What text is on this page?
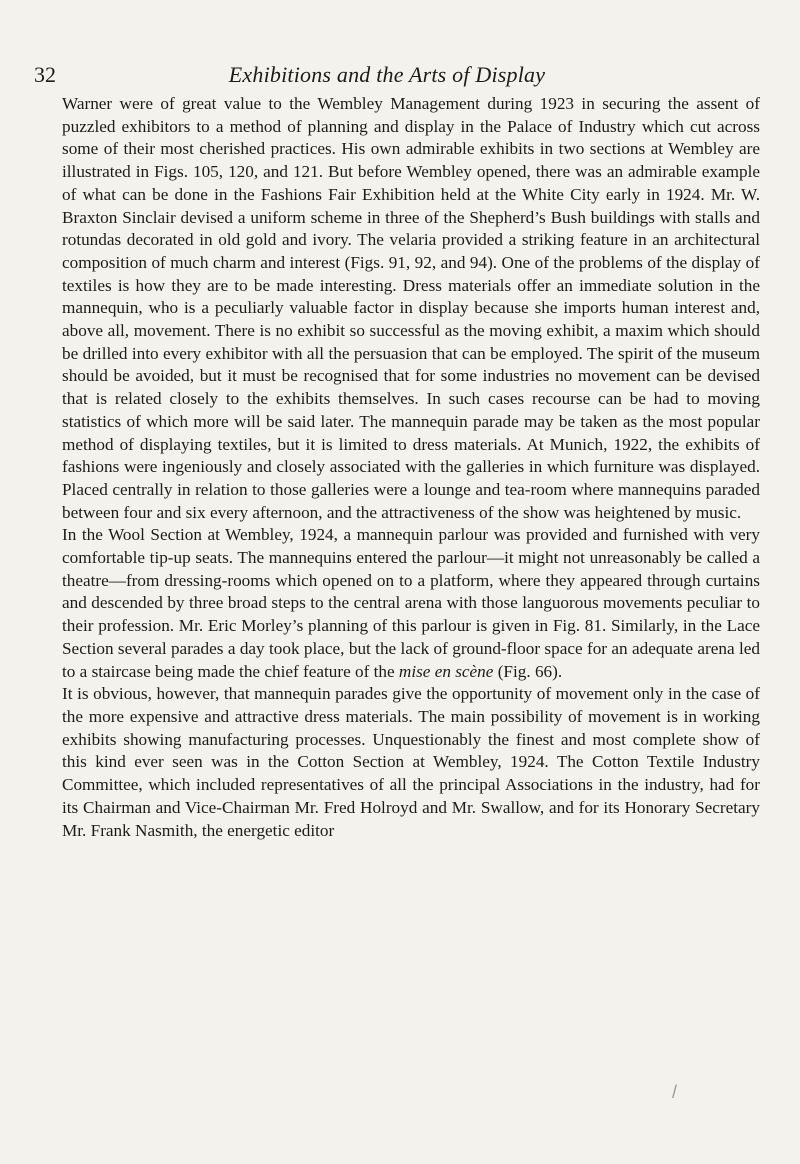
32	Exhibitions and the Arts of Display

Warner were of great value to the Wembley Management during 1923 in securing the assent of puzzled exhibitors to a method of planning and display in the Palace of Industry which cut across some of their most cherished practices. His own admirable exhibits in two sections at Wembley are illustrated in Figs. 105, 120, and 121. But before Wembley opened, there was an admirable example of what can be done in the Fashions Fair Exhibition held at the White City early in 1924. Mr. W. Braxton Sinclair devised a uniform scheme in three of the Shepherd’s Bush buildings with stalls and rotundas decorated in old gold and ivory. The velaria provided a striking feature in an architectural composition of much charm and interest (Figs. 91, 92, and 94). One of the problems of the display of textiles is how they are to be made interesting. Dress materials offer an immediate solution in the mannequin, who is a peculiarly valuable factor in display because she imports human interest and, above all, movement. There is no exhibit so successful as the moving exhibit, a maxim which should be drilled into every exhibitor with all the persuasion that can be employed. The spirit of the museum should be avoided, but it must be recognised that for some industries no movement can be devised that is related closely to the exhibits themselves. In such cases recourse can be had to moving statistics of which more will be said later. The mannequin parade may be taken as the most popular method of displaying textiles, but it is limited to dress materials. At Munich, 1922, the exhibits of fashions were ingeniously and closely associated with the galleries in which furniture was displayed. Placed centrally in relation to those galleries were a lounge and tea-room where mannequins paraded between four and six every afternoon, and the attractiveness of the show was heightened by music.

In the Wool Section at Wembley, 1924, a mannequin parlour was provided and furnished with very comfortable tip-up seats. The mannequins entered the parlour—it might not unreasonably be called a theatre—from dressing-rooms which opened on to a platform, where they appeared through curtains and descended by three broad steps to the central arena with those languorous movements peculiar to their profession. Mr. Eric Morley’s planning of this parlour is given in Fig. 81. Similarly, in the Lace Section several parades a day took place, but the lack of ground-floor space for an adequate arena led to a staircase being made the chief feature of the mise en scène (Fig. 66).

It is obvious, however, that mannequin parades give the opportunity of movement only in the case of the more expensive and attractive dress materials. The main possibility of movement is in working exhibits showing manufacturing processes. Unquestionably the finest and most complete show of this kind ever seen was in the Cotton Section at Wembley, 1924. The Cotton Textile Industry Committee, which included representatives of all the principal Associations in the industry, had for its Chairman and Vice-Chairman Mr. Fred Holroyd and Mr. Swallow, and for its Honorary Secretary Mr. Frank Nasmith, the energetic editor

/
